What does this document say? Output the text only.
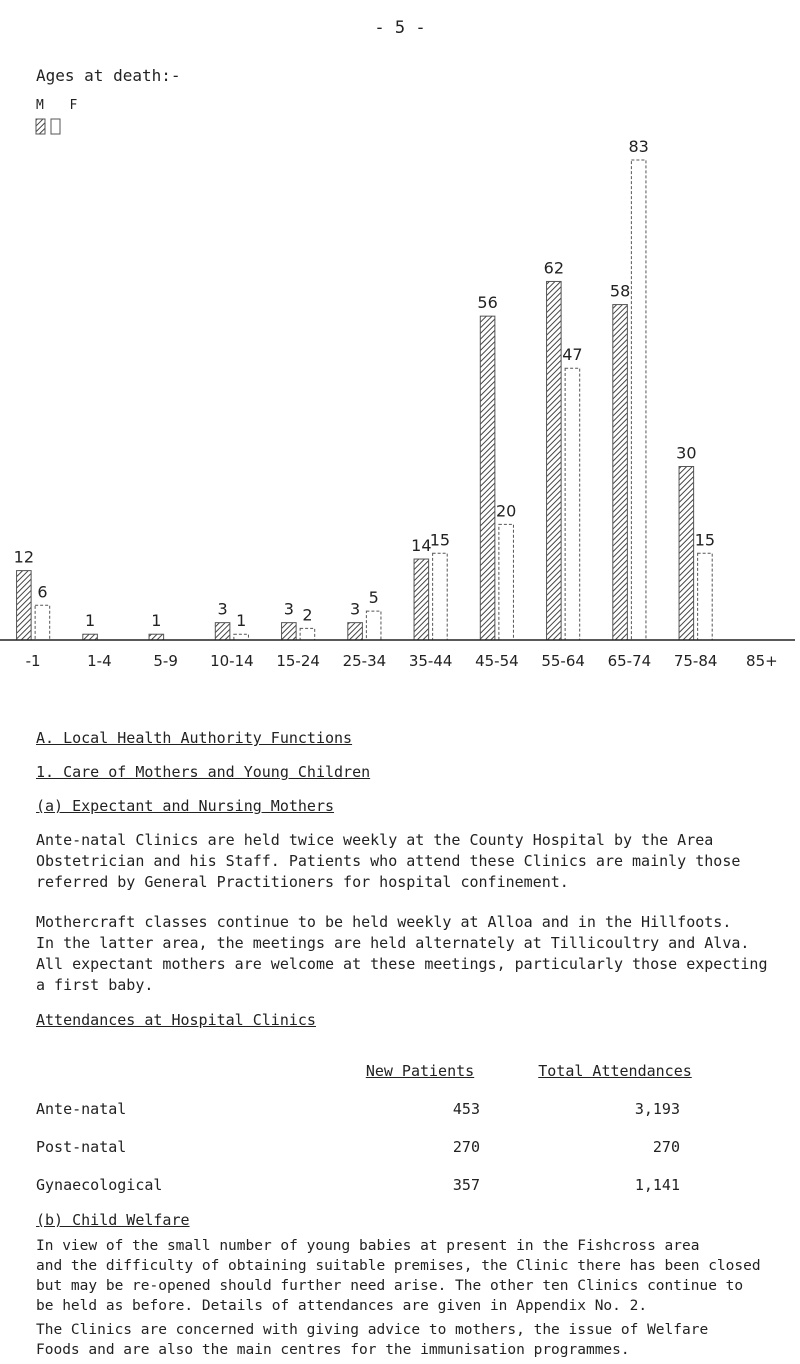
- 5 -
Ages at death:-
M F
12
6
1	1
3
1
3 2 3
5
14
15
56
20
62
47
58
83
30
15
-1	1-4	5-9 10-14 15-24 25-34 35-44 45-54 55-64 65-74 75-84 85+
A. Local Health Authority Functions
1. Care of Mothers and Young Children
(a) Expectant and Nursing Mothers
Ante-natal Clinics are held twice weekly at the County Hospital by the Area
Obstetrician and his Staff. Patients who attend these Clinics are mainly those
referred by General Practitioners for hospital confinement.
Mothercraft classes continue to be held weekly at Alloa and in the Hillfoots.
In the latter area, the meetings are held alternately at Tillicoultry and Alva.
All expectant mothers are welcome at these meetings, particularly those expecting
a first baby.
Attendances at Hospital Clinics
New Patients	Total Attendances
Ante-natal	453	3,193
Post-natal	270	270
Gynaecological	357	1,141
(b) Child Welfare
In view of the small number of young babies at present in the Fishcross area
and the difficulty of obtaining suitable premises, the Clinic there has been closed
but may be re-opened should further need arise. The other ten Clinics continue to
be held as before. Details of attendances are given in Appendix No. 2.
The Clinics are concerned with giving advice to mothers, the issue of Welfare
Foods and are also the main centres for the immunisation programmes.
